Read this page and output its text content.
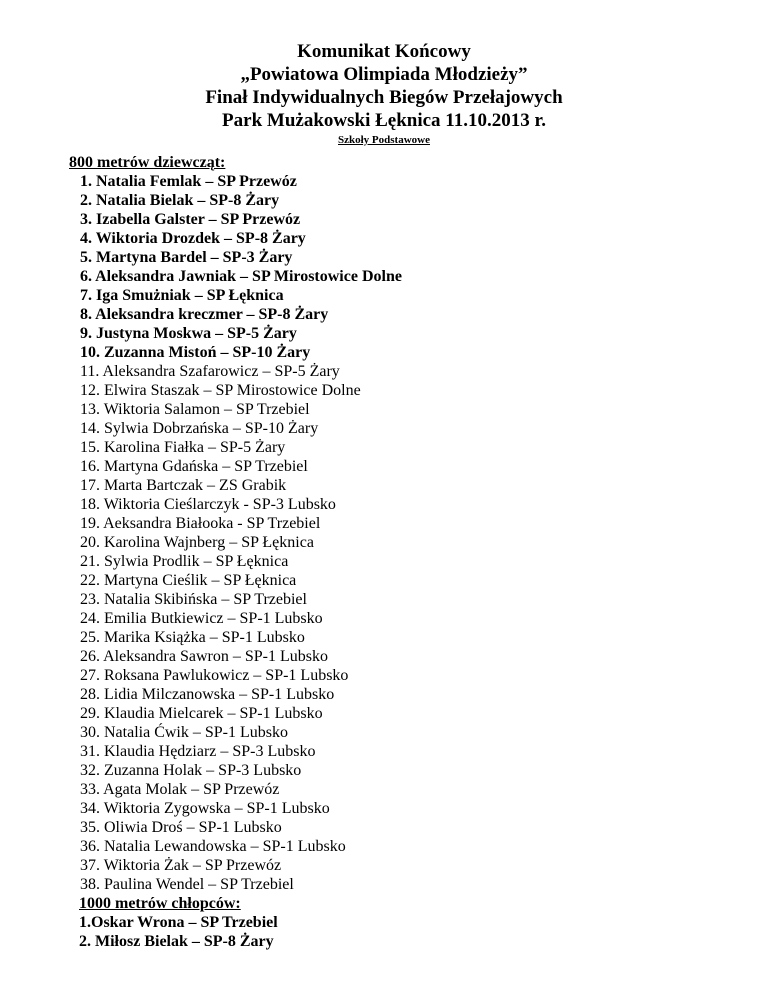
Komunikat Końcowy
„Powiatowa Olimpiada Młodzieży”
Finał Indywidualnych Biegów Przełajowych
Park Mużakowski Łęknica 11.10.2013 r.
Szkoły Podstawowe
800 metrów dziewcząt:
1. Natalia Femlak – SP Przewóz
2. Natalia Bielak – SP-8 Żary
3. Izabella Galster – SP Przewóz
4. Wiktoria Drozdek – SP-8 Żary
5. Martyna Bardel – SP-3 Żary
6. Aleksandra Jawniak – SP Mirostowice Dolne
7. Iga Smużniak – SP Łęknica
8. Aleksandra kreczmer – SP-8 Żary
9. Justyna Moskwa – SP-5 Żary
10. Zuzanna Mistoń – SP-10 Żary
11. Aleksandra Szafarowicz – SP-5 Żary
12. Elwira Staszak – SP Mirostowice Dolne
13. Wiktoria Salamon – SP Trzebiel
14. Sylwia Dobrzańska – SP-10 Żary
15. Karolina Fiałka – SP-5 Żary
16. Martyna Gdańska – SP Trzebiel
17. Marta Bartczak – ZS Grabik
18. Wiktoria Cieślarczyk - SP-3 Lubsko
19. Aeksandra Białooka - SP Trzebiel
20. Karolina Wajnberg – SP Łęknica
21. Sylwia Prodlik – SP Łęknica
22. Martyna Cieślik – SP Łęknica
23. Natalia Skibińska – SP Trzebiel
24. Emilia Butkiewicz – SP-1 Lubsko
25. Marika Książka – SP-1 Lubsko
26. Aleksandra Sawron – SP-1 Lubsko
27. Roksana Pawlukowicz – SP-1 Lubsko
28. Lidia Milczanowska – SP-1 Lubsko
29. Klaudia Mielcarek – SP-1 Lubsko
30. Natalia Ćwik – SP-1 Lubsko
31. Klaudia Hędziarz – SP-3 Lubsko
32. Zuzanna Holak – SP-3 Lubsko
33. Agata Molak – SP Przewóz
34. Wiktoria Zygowska – SP-1 Lubsko
35. Oliwia Droś – SP-1 Lubsko
36. Natalia Lewandowska – SP-1 Lubsko
37. Wiktoria Żak – SP Przewóz
38. Paulina Wendel – SP Trzebiel
1000 metrów chłopców:
1.Oskar Wrona – SP Trzebiel
2. Miłosz Bielak – SP-8 Żary
